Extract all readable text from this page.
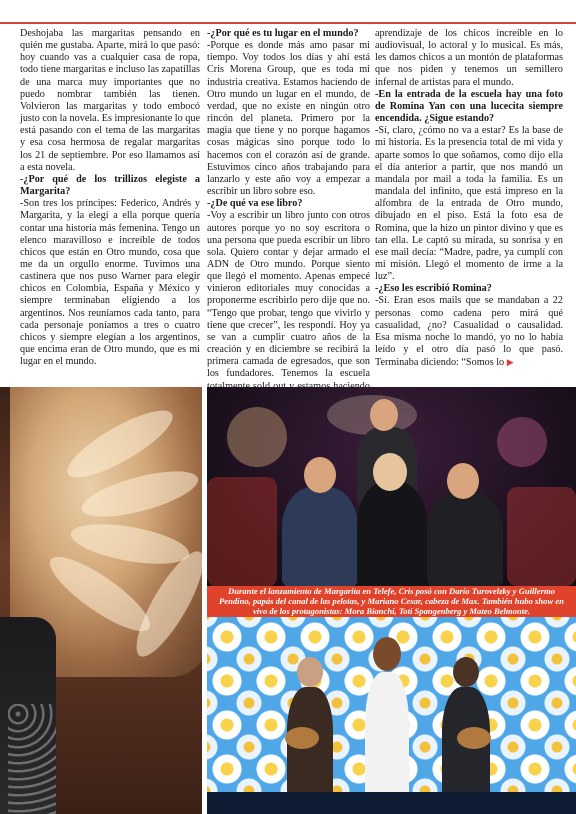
Deshojaba las margaritas pensando en quién me gustaba. Aparte, mirá lo que pasó: hoy cuando vas a cualquier casa de ropa, todo tiene margaritas e incluso las zapatillas de una marca muy importantes que no puedo nombrar también las tienen. Volvieron las margaritas y todo embocó justo con la novela. Es impresionante lo que está pasando con el tema de las margaritas y esa cosa hermosa de regalar margaritas los 21 de septiembre. Por eso llamamos así a esta novela.

-¿Por qué de los trillizos elegiste a Margarita?

-Son tres los príncipes: Federico, Andrés y Margarita, y la elegí a ella porque quería contar una historia más femenina. Tengo un elenco maravilloso e increíble de todos chicos que están en Otro mundo, cosa que me da un orgullo enorme. Tuvimos una castinera que nos puso Warner para elegir chicos en Colombia, España y México y siempre terminaban eligiendo a los argentinos. Nos reuníamos cada tanto, para cada personaje poníamos a tres o cuatro chicos y siempre elegían a los argentinos, que encima eran de Otro mundo, que es mi lugar en el mundo.

-¿Por qué es tu lugar en el mundo?

-Porque es donde más amo pasar mi tiempo. Voy todos los días y ahí está Cris Morena Group, que es toda mi industria creativa. Estamos haciendo de Otro mundo un lugar en el mundo, de verdad, que no existe en ningún otro rincón del planeta. Primero por la magia que tiene y no porque hagamos cosas mágicas sino porque todo lo hacemos con el corazón así de grande. Estuvimos cinco años trabajando para lanzarlo y este año voy a empezar a escribir un libro sobre eso.

-¿De qué va ese libro?

-Voy a escribir un libro junto con otros autores porque yo no soy escritora o una persona que pueda escribir un libro sola. Quiero contar y dejar armado el ADN de Otro mundo. Porque siento que llegó el momento. Apenas empecé vinieron editoriales muy conocidas a proponerme escribirlo pero dije que no. “Tengo que probar, tengo que vivirlo y tiene que crecer”, les respondí. Hoy ya se van a cumplir cuatro años de la creación y en diciembre se recibirá la primera camada de egresados, que son los fundadores. Tenemos la escuela

aprendizaje de los chicos increíble en lo audiovisual, lo actoral y lo musical. Es más, les damos chicos a un montón de plataformas que nos piden y tenemos un semillero infernal de artistas para el mundo.

-En la entrada de la escuela hay una foto de Romina Yan con una lucecita siempre encendida. ¿Sigue estando?

-Sí, claro, ¿cómo no va a estar? Es la base de mi historia. Es la presencia total de mi vida y aparte somos lo que soñamos, como dijo ella el día anterior a partir, que nos mandó un mandala por mail a toda la familia. Es un mandala del infinito, que está impreso en la alfombra de la entrada de Otro mundo, dibujado en el piso. Está la foto esa de Romina, que la hizo un pintor divino y que es tan ella. Le captó su mirada, su sonrisa y en ese mail decía: “Madre, padre, ya cumplí con mi misión. Llegó el momento de irme a la luz”.

-¿Eso les escribió Romina?

-Sí. Eran esos mails que se mandaban a 22 personas como cadena pero mirá qué casualidad, ¿no? Casualidad o causalidad. Esa misma noche lo mandó, yo no lo había leído y el otro día pasó lo que pasó. Terminaba diciendo: “Somos lo ▶

Durante el lanzamiento de Margarita en Telefe, Cris posó con Darío Turovelzky y Guillermo Pendino, papás del canal de las pelotas, y Mariano Cesar, cabeza de Max. También hubo show en vivo de los protagonistas: Mora Bianchi, Toti Spangenberg y Mateo Belmonte.
